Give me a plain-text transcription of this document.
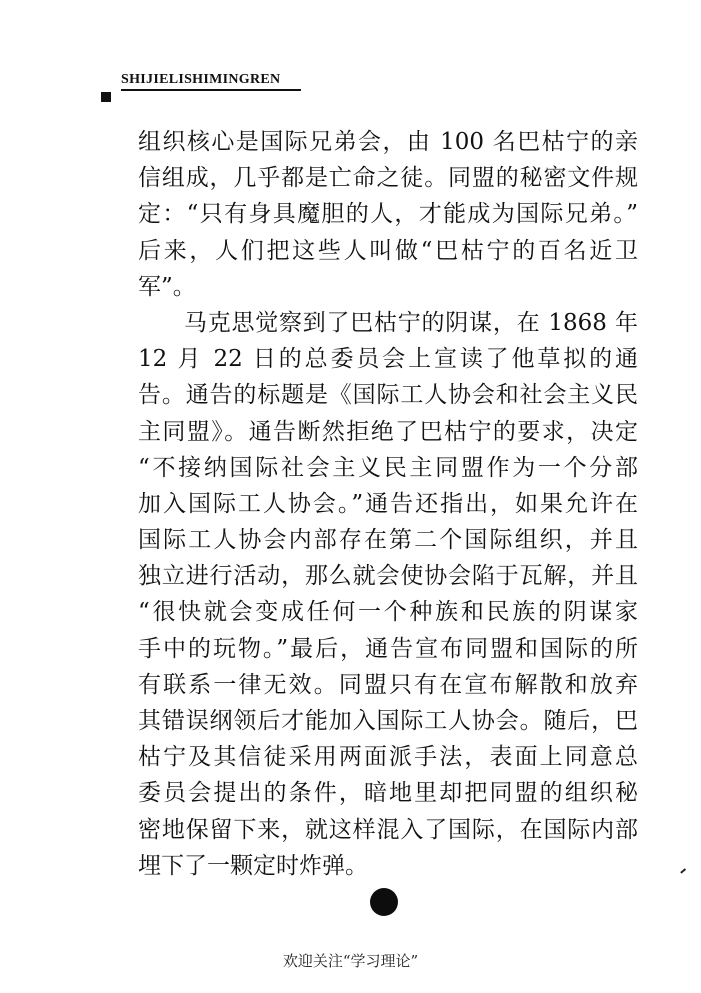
SHIJIELISHIMINGREN
组织核心是国际兄弟会，由 100 名巴枯宁的亲
信组成，几乎都是亡命之徒。同盟的秘密文件规
定：“只有身具魔胆的人，才能成为国际兄弟。”
后来，人们把这些人叫做“巴枯宁的百名近卫
军”。
马克思觉察到了巴枯宁的阴谋，在 1868 年
12 月 22 日的总委员会上宣读了他草拟的通
告。通告的标题是《国际工人协会和社会主义民
主同盟》。通告断然拒绝了巴枯宁的要求，决定
“不接纳国际社会主义民主同盟作为一个分部
加入国际工人协会。”通告还指出，如果允许在
国际工人协会内部存在第二个国际组织，并且
独立进行活动，那么就会使协会陷于瓦解，并且
“很快就会变成任何一个种族和民族的阴谋家
手中的玩物。”最后，通告宣布同盟和国际的所
有联系一律无效。同盟只有在宣布解散和放弃
其错误纲领后才能加入国际工人协会。随后，巴
枯宁及其信徒采用两面派手法，表面上同意总
委员会提出的条件，暗地里却把同盟的组织秘
密地保留下来，就这样混入了国际，在国际内部
埋下了一颗定时炸弹。
欢迎关注“学习理论”
